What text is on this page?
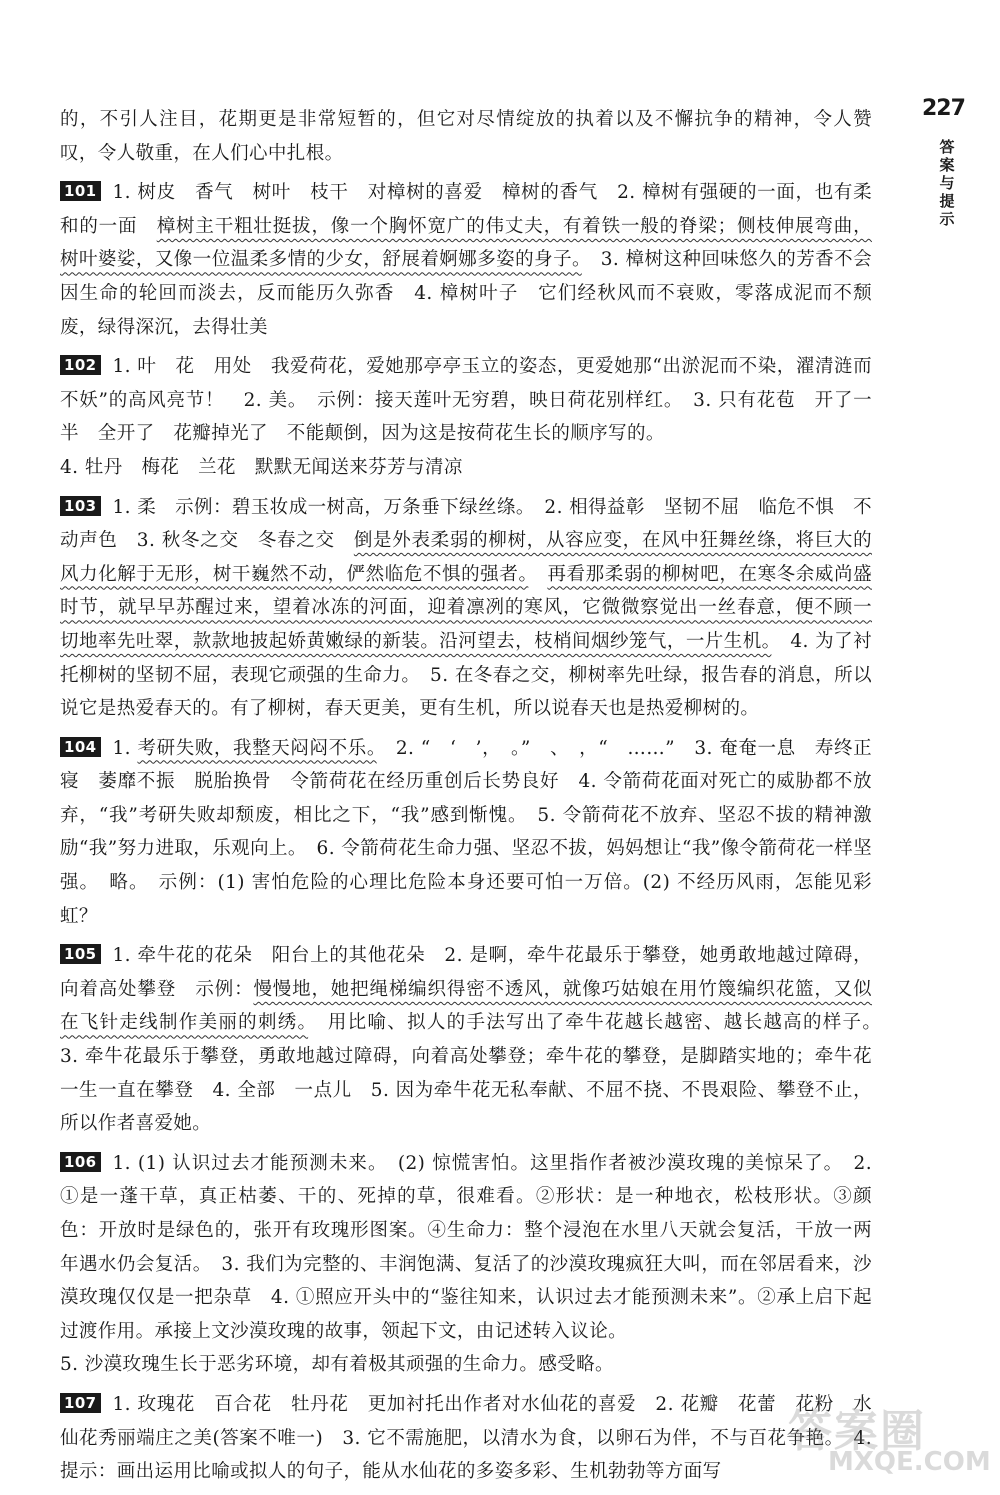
227
答
案
与
提
示
的，不引人注目，花期更是非常短暂的，但它对尽情绽放的执着以及不懈抗争的精神，令人赞叹，令人敬重，在人们心中扎根。
101 1. 树皮　香气　树叶　枝干　对樟树的喜爱　樟树的香气　2. 樟树有强硬的一面，也有柔和的一面　樟树主干粗壮挺拔，像一个胸怀宽广的伟丈夫，有着铁一般的脊梁；侧枝伸展弯曲，树叶婆娑，又像一位温柔多情的少女，舒展着婀娜多姿的身子。　3. 樟树这种回味悠久的芳香不会因生命的轮回而淡去，反而能历久弥香　4. 樟树叶子　它们经秋风而不衰败，零落成泥而不颓废，绿得深沉，去得壮美
102 1. 叶　花　用处　我爱荷花，爱她那亭亭玉立的姿态，更爱她那“出淤泥而不染，濯清涟而不妖”的高风亮节！　2. 美。　示例：接天莲叶无穷碧，映日荷花别样红。　3. 只有花苞　开了一半　全开了　花瓣掉光了　不能颠倒，因为这是按荷花生长的顺序写的。
4. 牡丹　梅花　兰花　默默无闻送来芬芳与清凉
103 1. 柔　示例：碧玉妆成一树高，万条垂下绿丝绦。　2. 相得益彰　坚韧不屈　临危不惧　不动声色　3. 秋冬之交　冬春之交　倒是外表柔弱的柳树，从容应变，在风中狂舞丝绦，将巨大的风力化解于无形，树干巍然不动，俨然临危不惧的强者。　 再看那柔弱的柳树吧，在寒冬余威尚盛时节，就早早苏醒过来，望着冰冻的河面，迎着凛冽的寒风，它微微察觉出一丝春意，便不顾一切地率先吐翠，款款地披起娇黄嫩绿的新装。沿河望去，枝梢间烟纱笼气，一片生机。　4. 为了衬托柳树的坚韧不屈，表现它顽强的生命力。　5. 在冬春之交，柳树率先吐绿，报告春的消息，所以说它是热爱春天的。有了柳树，春天更美，更有生机，所以说春天也是热爱柳树的。
104 1. 考研失败，我整天闷闷不乐。　2. “　‘　’，　。”　、　，“　……”　3. 奄奄一息　寿终正寝　萎靡不振　脱胎换骨　令箭荷花在经历重创后长势良好　4. 令箭荷花面对死亡的威胁都不放弃，“我”考研失败却颓废，相比之下，“我”感到惭愧。　5. 令箭荷花不放弃、坚忍不拔的精神激励“我”努力进取，乐观向上。　6. 令箭荷花生命力强、坚忍不拔，妈妈想让“我”像令箭荷花一样坚强。　略。　示例：(1) 害怕危险的心理比危险本身还要可怕一万倍。(2) 不经历风雨，怎能见彩虹？
105 1. 牵牛花的花朵　阳台上的其他花朵　2. 是啊，牵牛花最乐于攀登，她勇敢地越过障碍，向着高处攀登　示例：慢慢地，她把绳梯编织得密不透风，就像巧姑娘在用竹篾编织花篮，又似在飞针走线制作美丽的刺绣。　用比喻、拟人的手法写出了牵牛花越长越密、越长越高的样子。　3. 牵牛花最乐于攀登，勇敢地越过障碍，向着高处攀登；牵牛花的攀登，是脚踏实地的；牵牛花一生一直在攀登　4. 全部　一点儿　5. 因为牵牛花无私奉献、不屈不挠、不畏艰险、攀登不止，所以作者喜爱她。
106 1. (1) 认识过去才能预测未来。　(2) 惊慌害怕。这里指作者被沙漠玫瑰的美惊呆了。　2. ①是一蓬干草，真正枯萎、干的、死掉的草，很难看。②形状：是一种地衣，松枝形状。③颜色：开放时是绿色的，张开有玫瑰形图案。④生命力：整个浸泡在水里八天就会复活，干放一两年遇水仍会复活。　3. 我们为完整的、丰润饱满、复活了的沙漠玫瑰疯狂大叫，而在邻居看来，沙漠玫瑰仅仅是一把杂草　4. ①照应开头中的“鉴往知来，认识过去才能预测未来”。②承上启下起过渡作用。承接上文沙漠玫瑰的故事，领起下文，由记述转入议论。
5. 沙漠玫瑰生长于恶劣环境，却有着极其顽强的生命力。感受略。
107 1. 玫瑰花　百合花　牡丹花　更加衬托出作者对水仙花的喜爱　2. 花瓣　花蕾　花粉　水仙花秀丽端庄之美(答案不唯一)　3. 它不需施肥，以清水为食，以卵石为伴，不与百花争艳。　4. 提示：画出运用比喻或拟人的句子，能从水仙花的多姿多彩、生机勃勃等方面写
答案圈
MXQE.COM
